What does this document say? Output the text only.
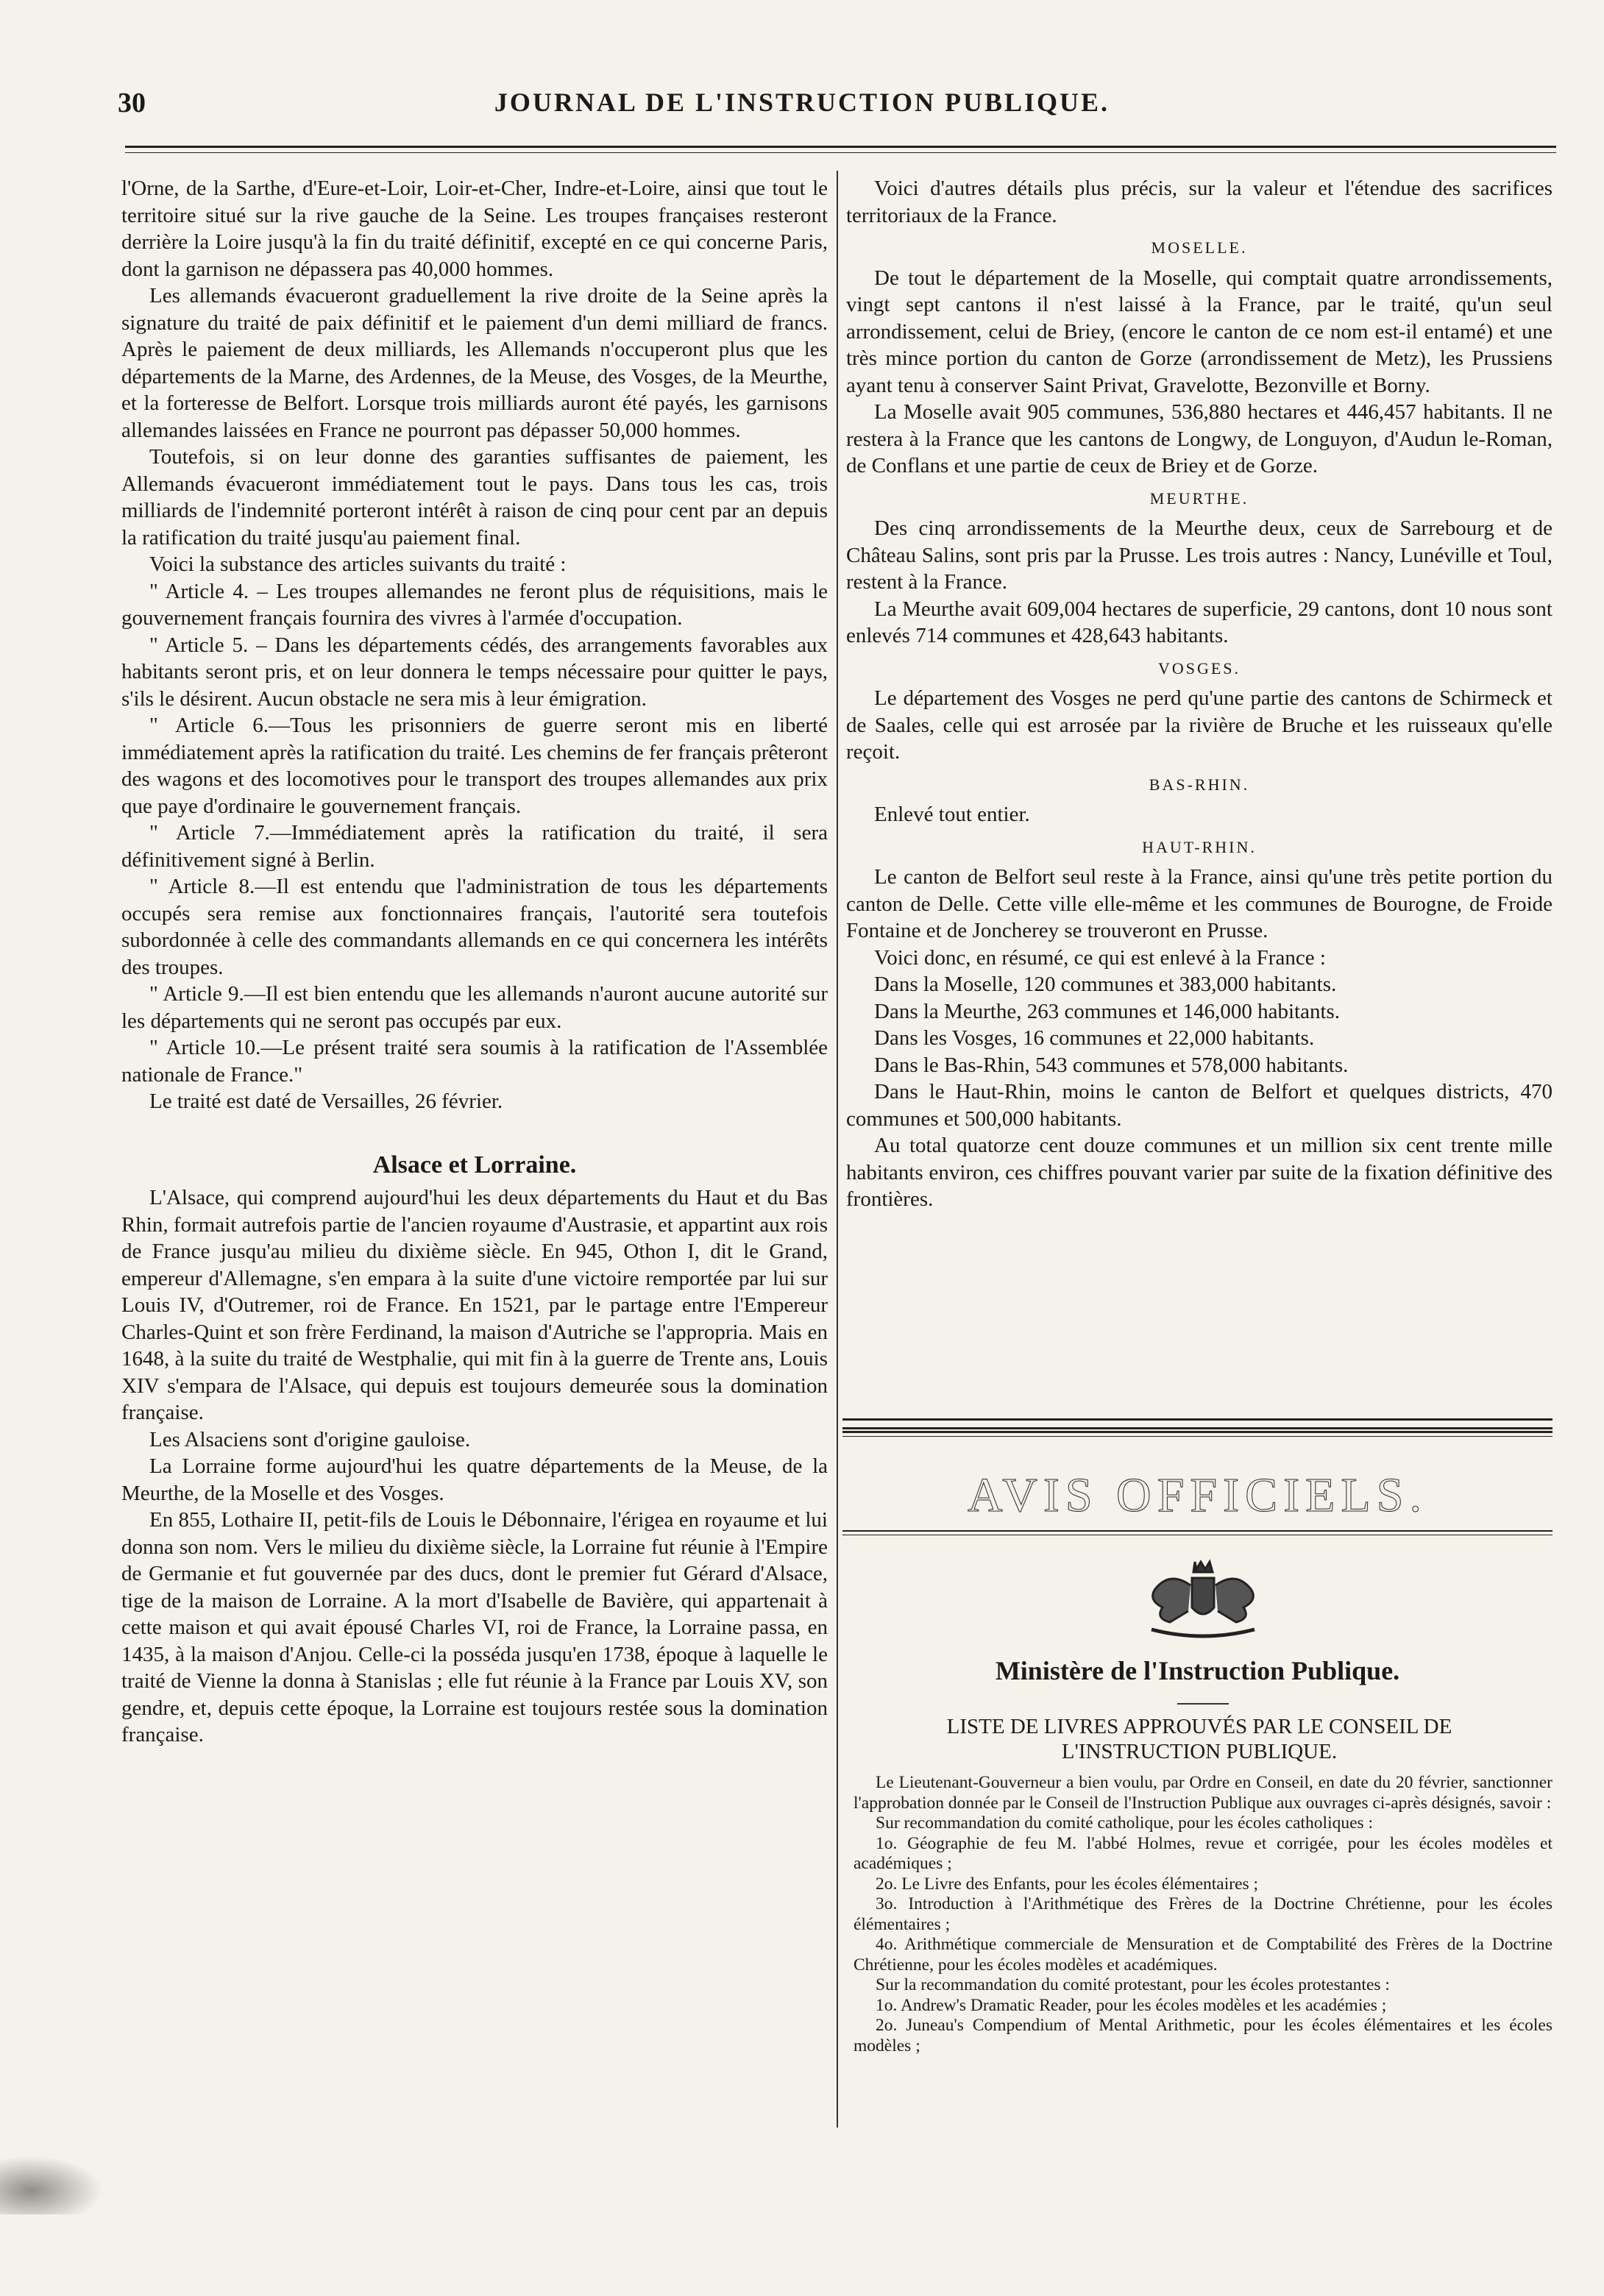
30	JOURNAL DE L'INSTRUCTION PUBLIQUE.

l'Orne, de la Sarthe, d'Eure-et-Loir, Loir-et-Cher, Indre-et-Loire, ainsi que tout le territoire situé sur la rive gauche de la Seine. Les troupes françaises resteront derrière la Loire jusqu'à la fin du traité définitif, excepté en ce qui concerne Paris, dont la garnison ne dépassera pas 40,000 hommes.

Les allemands évacueront graduellement la rive droite de la Seine après la signature du traité de paix définitif et le paiement d'un demi milliard de francs. Après le paiement de deux milliards, les Allemands n'occuperont plus que les départements de la Marne, des Ardennes, de la Meuse, des Vosges, de la Meurthe, et la forteresse de Belfort. Lorsque trois milliards auront été payés, les garnisons allemandes laissées en France ne pourront pas dépasser 50,000 hommes.

Toutefois, si on leur donne des garanties suffisantes de paiement, les Allemands évacueront immédiatement tout le pays. Dans tous les cas, trois milliards de l'indemnité porteront intérêt à raison de cinq pour cent par an depuis la ratification du traité jusqu'au paiement final.

Voici la substance des articles suivants du traité :

" Article 4. – Les troupes allemandes ne feront plus de réquisitions, mais le gouvernement français fournira des vivres à l'armée d'occupation.

" Article 5. – Dans les départements cédés, des arrangements favorables aux habitants seront pris, et on leur donnera le temps nécessaire pour quitter le pays, s'ils le désirent. Aucun obstacle ne sera mis à leur émigration.

" Article 6.—Tous les prisonniers de guerre seront mis en liberté immédiatement après la ratification du traité. Les chemins de fer français prêteront des wagons et des locomotives pour le transport des troupes allemandes aux prix que paye d'ordinaire le gouvernement français.

" Article 7.—Immédiatement après la ratification du traité, il sera définitivement signé à Berlin.

" Article 8.—Il est entendu que l'administration de tous les départements occupés sera remise aux fonctionnaires français, l'autorité sera toutefois subordonnée à celle des commandants allemands en ce qui concernera les intérêts des troupes.

" Article 9.—Il est bien entendu que les allemands n'auront aucune autorité sur les départements qui ne seront pas occupés par eux.

" Article 10.—Le présent traité sera soumis à la ratification de l'Assemblée nationale de France."

Le traité est daté de Versailles, 26 février.

Alsace et Lorraine.

L'Alsace, qui comprend aujourd'hui les deux départements du Haut et du Bas Rhin, formait autrefois partie de l'ancien royaume d'Austrasie, et appartint aux rois de France jusqu'au milieu du dixième siècle. En 945, Othon I, dit le Grand, empereur d'Allemagne, s'en empara à la suite d'une victoire remportée par lui sur Louis IV, d'Outremer, roi de France. En 1521, par le partage entre l'Empereur Charles-Quint et son frère Ferdinand, la maison d'Autriche se l'appropria. Mais en 1648, à la suite du traité de Westphalie, qui mit fin à la guerre de Trente ans, Louis XIV s'empara de l'Alsace, qui depuis est toujours demeurée sous la domination française.

Les Alsaciens sont d'origine gauloise.

La Lorraine forme aujourd'hui les quatre départements de la Meuse, de la Meurthe, de la Moselle et des Vosges.

En 855, Lothaire II, petit-fils de Louis le Débonnaire, l'érigea en royaume et lui donna son nom. Vers le milieu du dixième siècle, la Lorraine fut réunie à l'Empire de Germanie et fut gouvernée par des ducs, dont le premier fut Gérard d'Alsace, tige de la maison de Lorraine. A la mort d'Isabelle de Bavière, qui appartenait à cette maison et qui avait épousé Charles VI, roi de France, la Lorraine passa, en 1435, à la maison d'Anjou. Celle-ci la posséda jusqu'en 1738, époque à laquelle le traité de Vienne la donna à Stanislas ; elle fut réunie à la France par Louis XV, son gendre, et, depuis cette époque, la Lorraine est toujours restée sous la domination française.

Voici d'autres détails plus précis, sur la valeur et l'étendue des sacrifices territoriaux de la France.

MOSELLE.

De tout le département de la Moselle, qui comptait quatre arrondissements, vingt sept cantons il n'est laissé à la France, par le traité, qu'un seul arrondissement, celui de Briey, (encore le canton de ce nom est-il entamé) et une très mince portion du canton de Gorze (arrondissement de Metz), les Prussiens ayant tenu à conserver Saint Privat, Gravelotte, Bezonville et Borny.

La Moselle avait 905 communes, 536,880 hectares et 446,457 habitants. Il ne restera à la France que les cantons de Longwy, de Longuyon, d'Audun le-Roman, de Conflans et une partie de ceux de Briey et de Gorze.

MEURTHE.

Des cinq arrondissements de la Meurthe deux, ceux de Sarrebourg et de Château Salins, sont pris par la Prusse. Les trois autres : Nancy, Lunéville et Toul, restent à la France.

La Meurthe avait 609,004 hectares de superficie, 29 cantons, dont 10 nous sont enlevés 714 communes et 428,643 habitants.

VOSGES.

Le département des Vosges ne perd qu'une partie des cantons de Schirmeck et de Saales, celle qui est arrosée par la rivière de Bruche et les ruisseaux qu'elle reçoit.

BAS-RHIN.

Enlevé tout entier.

HAUT-RHIN.

Le canton de Belfort seul reste à la France, ainsi qu'une très petite portion du canton de Delle. Cette ville elle-même et les communes de Bourogne, de Froide Fontaine et de Joncherey se trouveront en Prusse.

Voici donc, en résumé, ce qui est enlevé à la France :

Dans la Moselle, 120 communes et 383,000 habitants.

Dans la Meurthe, 263 communes et 146,000 habitants.

Dans les Vosges, 16 communes et 22,000 habitants.

Dans le Bas-Rhin, 543 communes et 578,000 habitants.

Dans le Haut-Rhin, moins le canton de Belfort et quelques districts, 470 communes et 500,000 habitants.

Au total quatorze cent douze communes et un million six cent trente mille habitants environ, ces chiffres pouvant varier par suite de la fixation définitive des frontières.

AVIS OFFICIELS.
Ministère de l'Instruction Publique.
LISTE DE LIVRES APPROUVÉS PAR LE CONSEIL DE L'INSTRUCTION PUBLIQUE.

Le Lieutenant-Gouverneur a bien voulu, par Ordre en Conseil, en date du 20 février, sanctionner l'approbation donnée par le Conseil de l'Instruction Publique aux ouvrages ci-après désignés, savoir :

Sur recommandation du comité catholique, pour les écoles catholiques :

1o. Géographie de feu M. l'abbé Holmes, revue et corrigée, pour les écoles modèles et académiques ;

2o. Le Livre des Enfants, pour les écoles élémentaires ;

3o. Introduction à l'Arithmétique des Frères de la Doctrine Chrétienne, pour les écoles élémentaires ;

4o. Arithmétique commerciale de Mensuration et de Comptabilité des Frères de la Doctrine Chrétienne, pour les écoles modèles et académiques.

Sur la recommandation du comité protestant, pour les écoles protestantes :

1o. Andrew's Dramatic Reader, pour les écoles modèles et les académies ;

2o. Juneau's Compendium of Mental Arithmetic, pour les écoles élémentaires et les écoles modèles ;
